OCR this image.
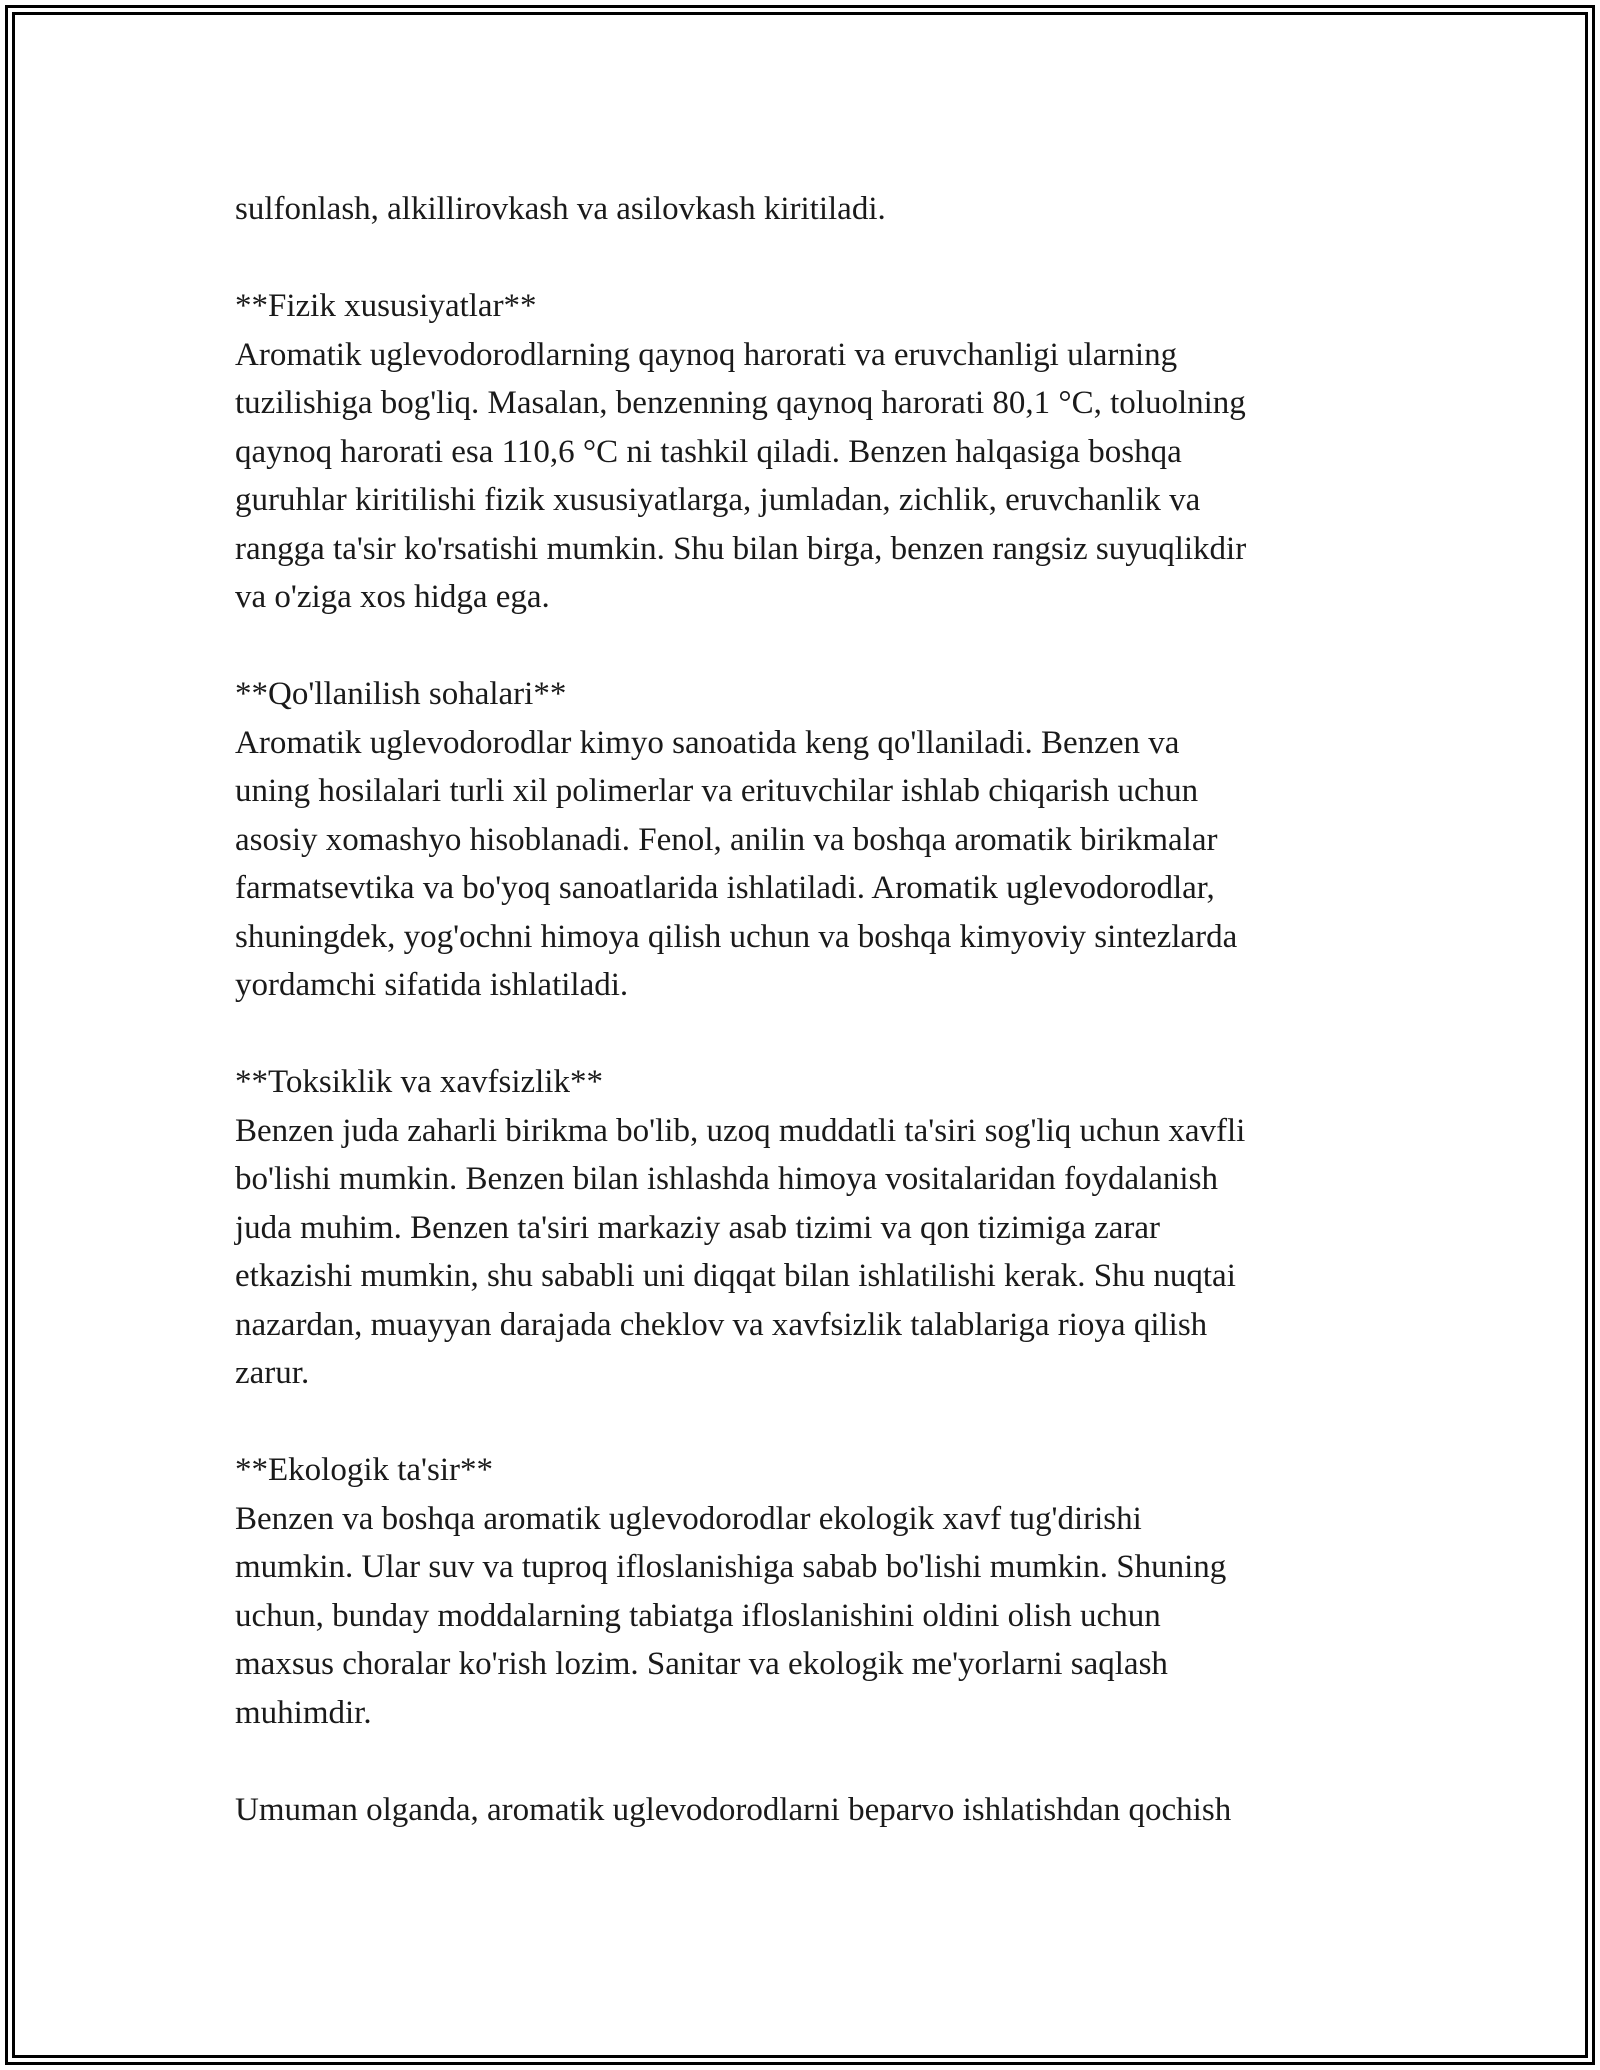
sulfonlash, alkillirovkash va asilovkash kiritiladi.

**Fizik xususiyatlar**
Aromatik uglevodorodlarning qaynoq harorati va eruvchanligi ularning
tuzilishiga bog'liq. Masalan, benzenning qaynoq harorati 80,1 °C, toluolning
qaynoq harorati esa 110,6 °C ni tashkil qiladi. Benzen halqasiga boshqa
guruhlar kiritilishi fizik xususiyatlarga, jumladan, zichlik, eruvchanlik va
rangga ta'sir ko'rsatishi mumkin. Shu bilan birga, benzen rangsiz suyuqlikdir
va o'ziga xos hidga ega.

**Qo'llanilish sohalari**
Aromatik uglevodorodlar kimyo sanoatida keng qo'llaniladi. Benzen va
uning hosilalari turli xil polimerlar va erituvchilar ishlab chiqarish uchun
asosiy xomashyo hisoblanadi. Fenol, anilin va boshqa aromatik birikmalar
farmatsevtika va bo'yoq sanoatlarida ishlatiladi. Aromatik uglevodorodlar,
shuningdek, yog'ochni himoya qilish uchun va boshqa kimyoviy sintezlarda
yordamchi sifatida ishlatiladi.

**Toksiklik va xavfsizlik**
Benzen juda zaharli birikma bo'lib, uzoq muddatli ta'siri sog'liq uchun xavfli
bo'lishi mumkin. Benzen bilan ishlashda himoya vositalaridan foydalanish
juda muhim. Benzen ta'siri markaziy asab tizimi va qon tizimiga zarar
etkazishi mumkin, shu sababli uni diqqat bilan ishlatilishi kerak. Shu nuqtai
nazardan, muayyan darajada cheklov va xavfsizlik talablariga rioya qilish
zarur.

**Ekologik ta'sir**
Benzen va boshqa aromatik uglevodorodlar ekologik xavf tug'dirishi
mumkin. Ular suv va tuproq ifloslanishiga sabab bo'lishi mumkin. Shuning
uchun, bunday moddalarning tabiatga ifloslanishini oldini olish uchun
maxsus choralar ko'rish lozim. Sanitar va ekologik me'yorlarni saqlash
muhimdir.

Umuman olganda, aromatik uglevodorodlarni beparvo ishlatishdan qochish
